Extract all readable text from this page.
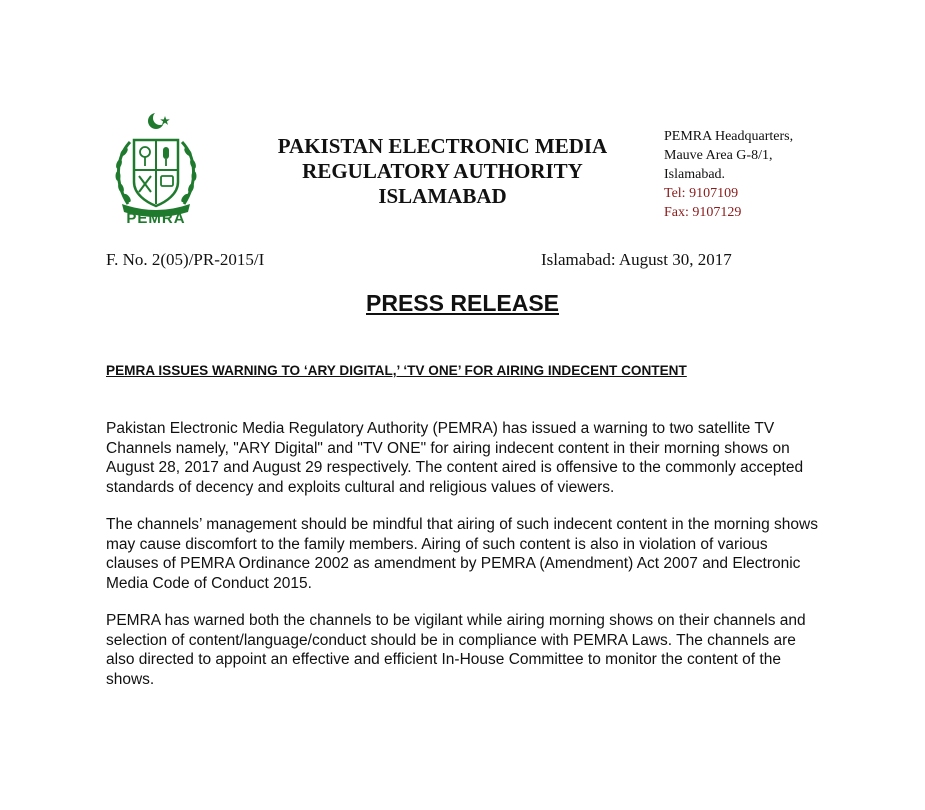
PEMRA
PAKISTAN ELECTRONIC MEDIA
REGULATORY AUTHORITY
ISLAMABAD
PEMRA Headquarters,
Mauve Area G-8/1,
Islamabad.
Tel: 9107109
Fax: 9107129
F. No. 2(05)/PR-2015/I	Islamabad: August 30, 2017
PRESS RELEASE
PEMRA ISSUES WARNING TO ‘ARY DIGITAL,’ ‘TV ONE’ FOR AIRING INDECENT CONTENT

Pakistan Electronic Media Regulatory Authority (PEMRA) has issued a warning to two satellite TV Channels namely, "ARY Digital" and "TV ONE" for airing indecent content in their morning shows on August 28, 2017 and August 29 respectively. The content aired is offensive to the commonly accepted standards of decency and exploits cultural and religious values of viewers.

The channels’ management should be mindful that airing of such indecent content in the morning shows may cause discomfort to the family members. Airing of such content is also in violation of various clauses of PEMRA Ordinance 2002 as amendment by PEMRA (Amendment) Act 2007 and Electronic Media Code of Conduct 2015.

PEMRA has warned both the channels to be vigilant while airing morning shows on their channels and selection of content/language/conduct should be in compliance with PEMRA Laws. The channels are also directed to appoint an effective and efficient In-House Committee to monitor the content of the shows.
